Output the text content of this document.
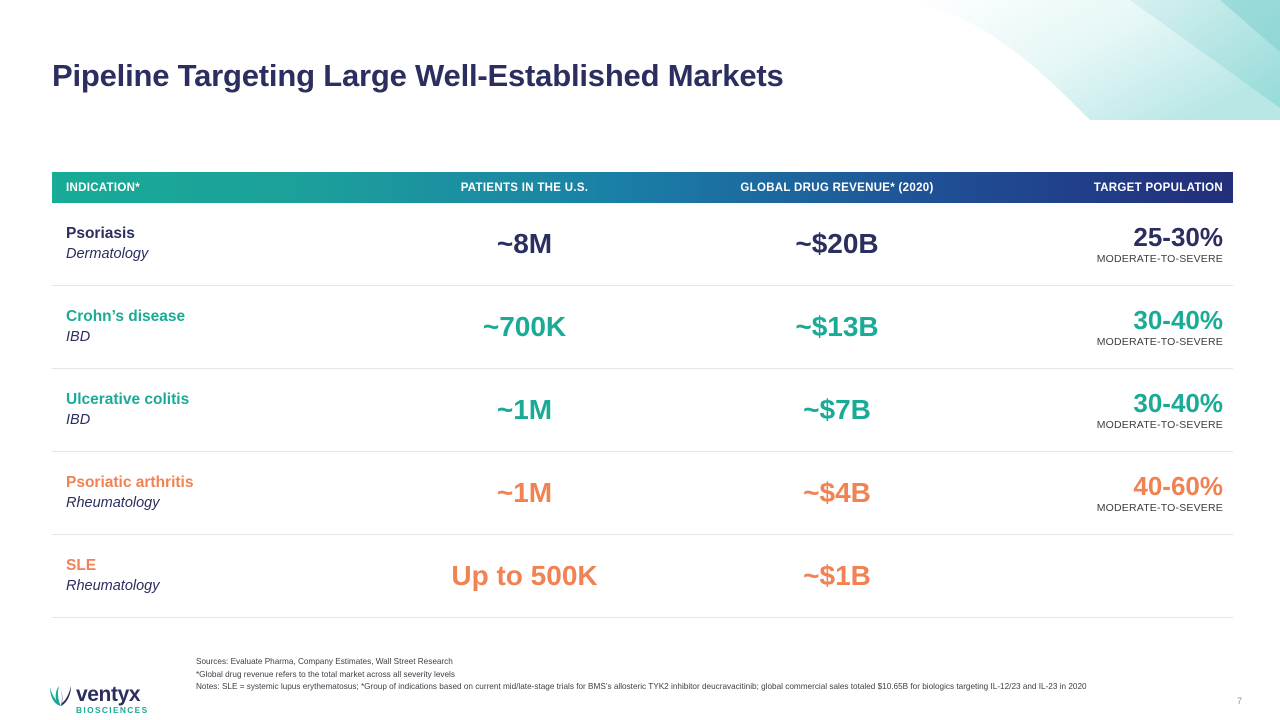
Pipeline Targeting Large Well-Established Markets
INDICATION*	PATIENTS IN THE U.S.	GLOBAL DRUG REVENUE* (2020)	TARGET POPULATION
Psoriasis
Dermatology	~8M	~$20B	25-30%
MODERATE-TO-SEVERE
Crohn’s disease
IBD	~700K	~$13B	30-40%
MODERATE-TO-SEVERE
Ulcerative colitis
IBD	~1M	~$7B	30-40%
MODERATE-TO-SEVERE
Psoriatic arthritis
Rheumatology	~1M	~$4B	40-60%
MODERATE-TO-SEVERE
SLE
Rheumatology	Up to 500K	~$1B
Sources: Evaluate Pharma, Company Estimates, Wall Street Research
*Global drug revenue refers to the total market across all severity levels
Notes: SLE = systemic lupus erythematosus; *Group of indications based on current mid/late-stage trials for BMS’s allosteric TYK2 inhibitor deucravacitinib; global commercial sales totaled $10.65B for biologics targeting IL-12/23 and IL-23 in 2020
ventyx
BIOSCIENCES
7
